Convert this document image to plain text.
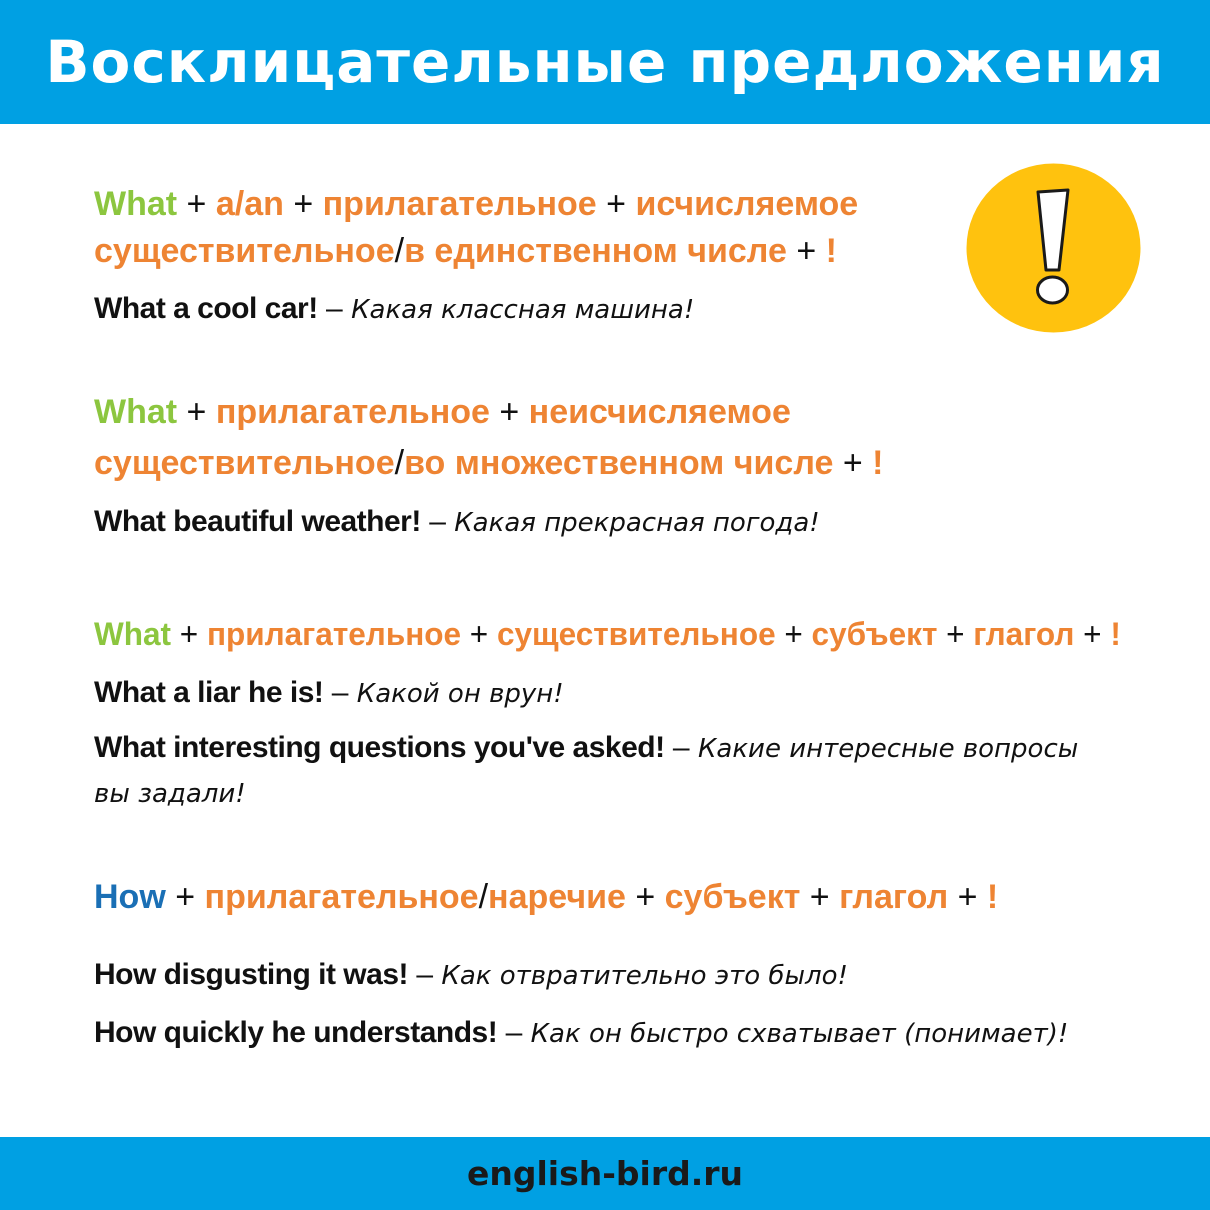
Восклицательные предложения
What + a/an + прилагательное + исчисляемое
существительное/в единственном числе + !
What a cool car! – Какая классная машина!
What + прилагательное + неисчисляемое
существительное/во множественном числе + !
What beautiful weather! – Какая прекрасная погода!
What + прилагательное + существительное + субъект + глагол + !
What a liar he is! – Какой он врун!
What interesting questions you've asked! – Какие интересные вопросы
вы задали!
How + прилагательное/наречие + субъект + глагол + !
How disgusting it was! – Как отвратительно это было!
How quickly he understands! – Как он быстро схватывает (понимает)!
english-bird.ru
